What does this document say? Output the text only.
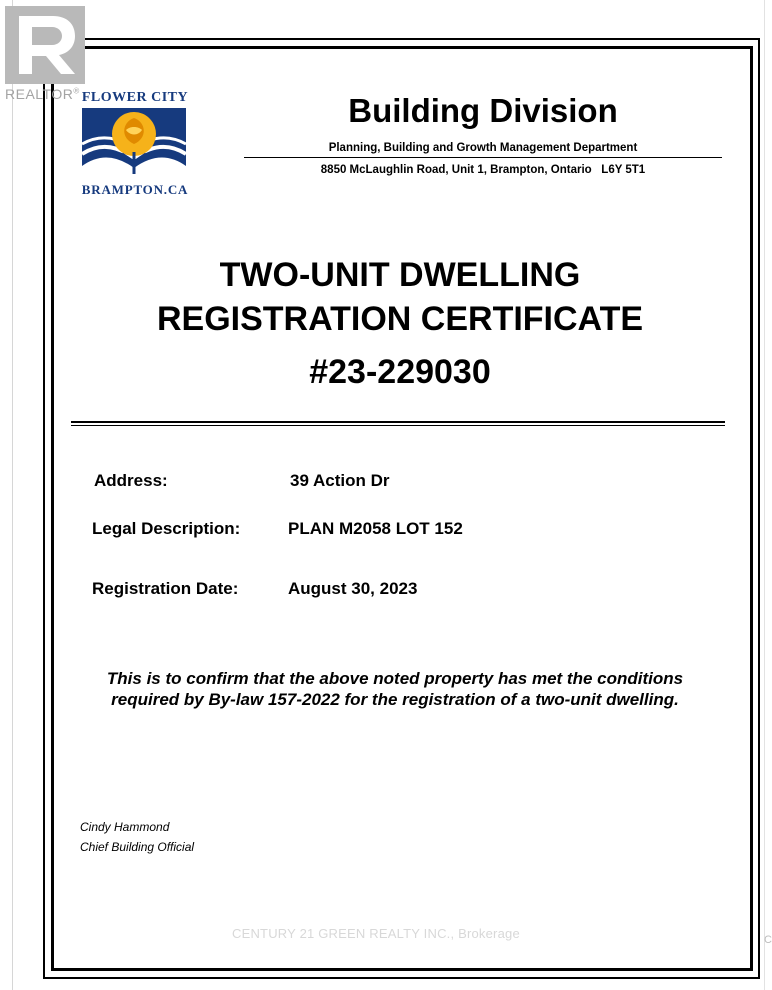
REALTOR® FLOWER CITY
BRAMPTON.CA
Building Division
Planning, Building and Growth Management Department
8850 McLaughlin Road, Unit 1, Brampton, Ontario L6Y 5T1
TWO-UNIT DWELLING
REGISTRATION CERTIFICATE
#23-229030
Address:	39 Action Dr
Legal Description:	PLAN M2058 LOT 152
Registration Date:	August 30, 2023
This is to confirm that the above noted property has met the conditions
required by By-law 157-2022 for the registration of a two-unit dwelling.
Cindy Hammond
Chief Building Official
CENTURY 21 GREEN REALTY INC., Brokerage	C
